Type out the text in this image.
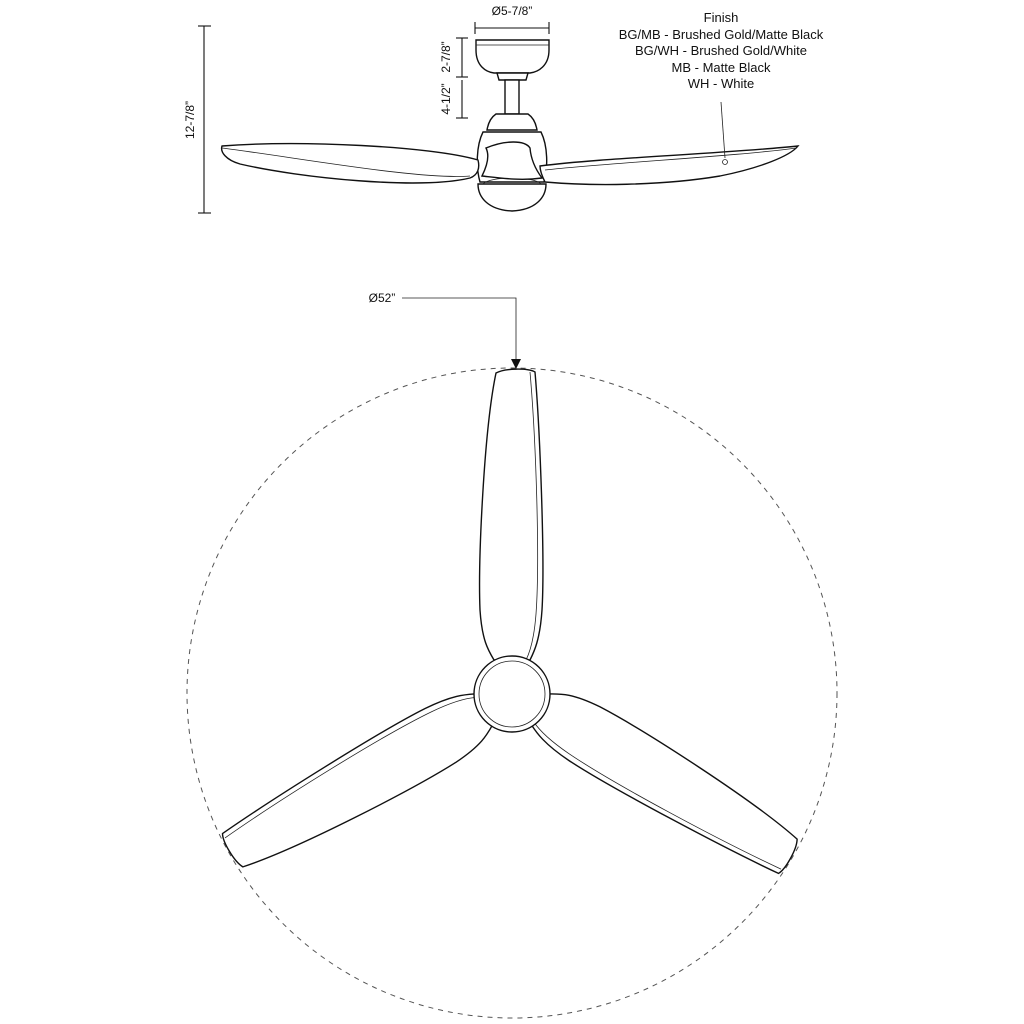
12-7/8”
Ø5-7/8”
2-7/8”
4-1/2”
Finish
BG/MB - Brushed Gold/Matte Black
BG/WH - Brushed Gold/White
MB - Matte Black
WH - White
Ø52”
